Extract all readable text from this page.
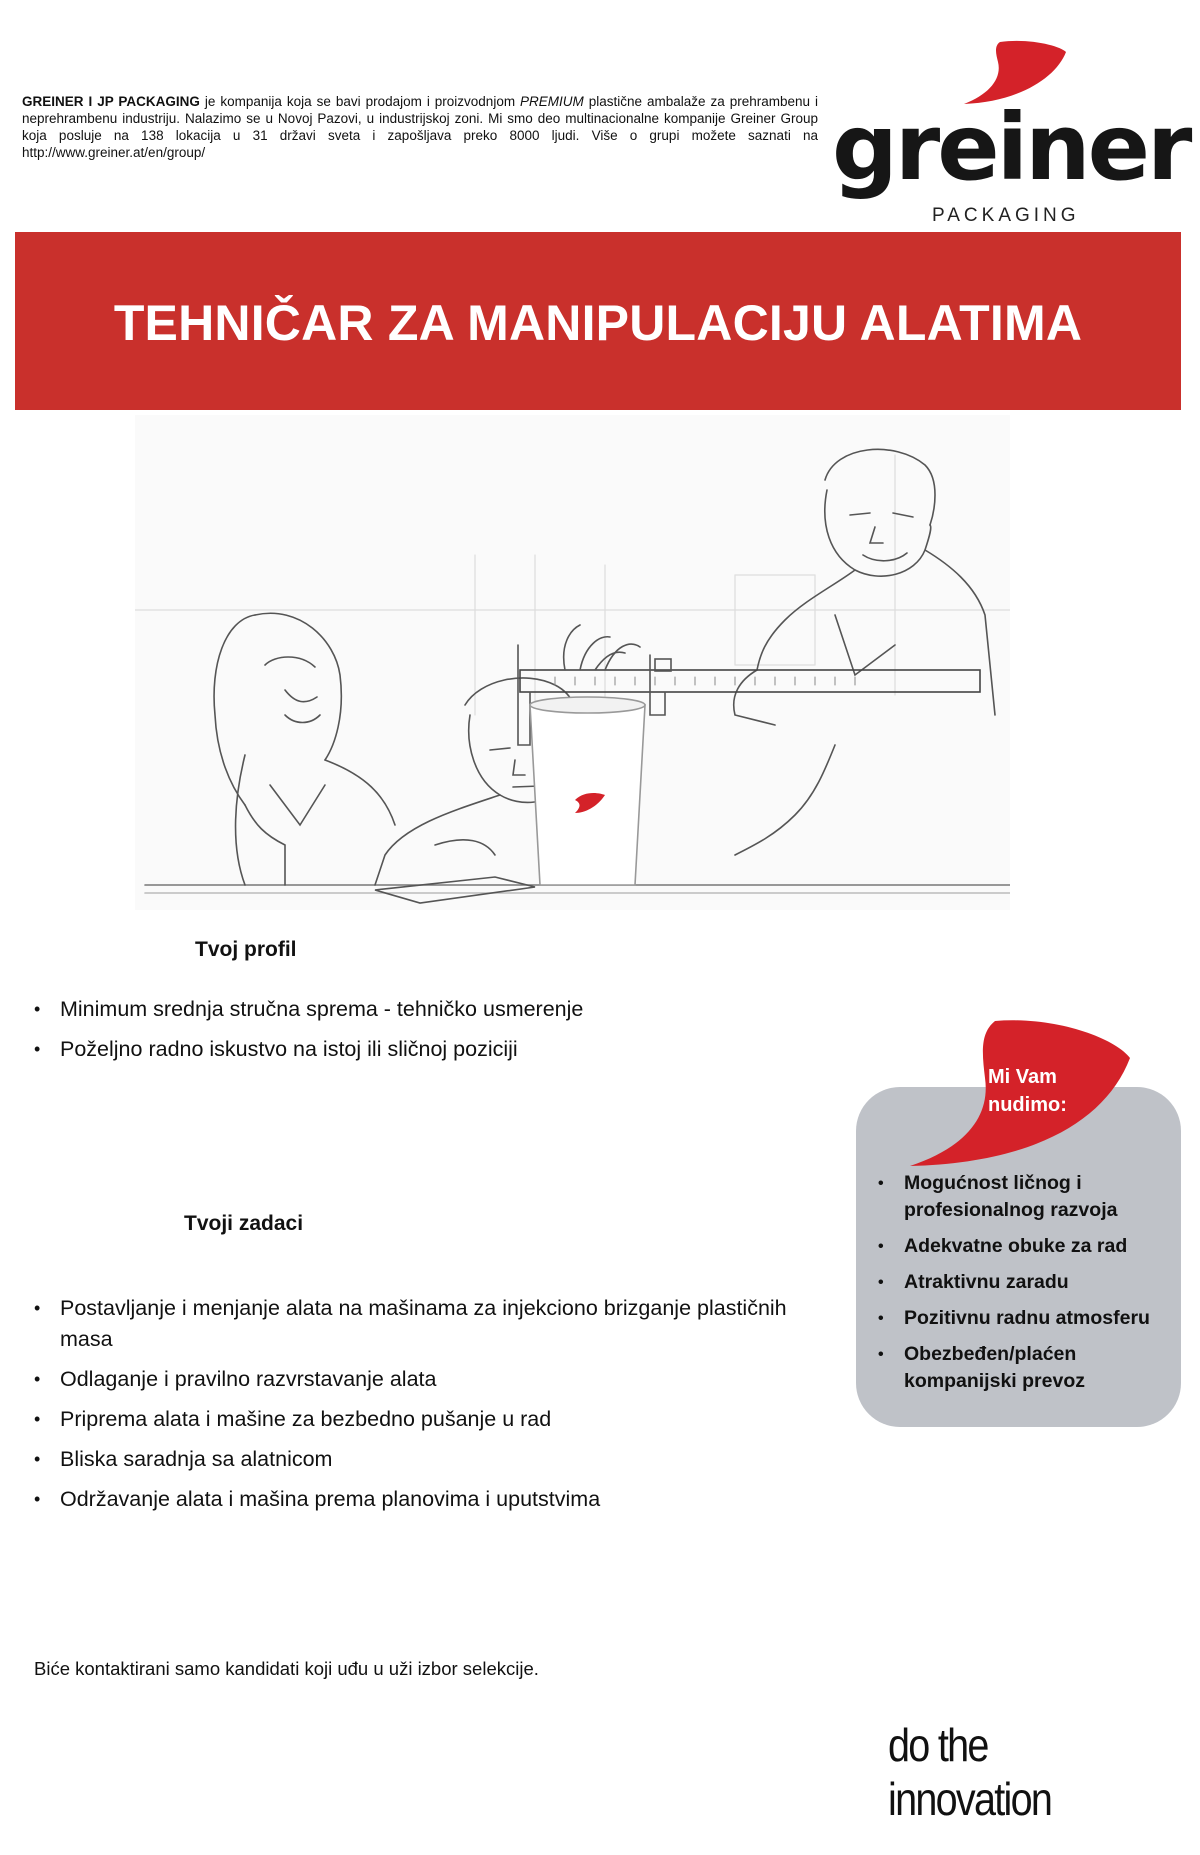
GREINER I JP PACKAGING je kompanija koja se bavi prodajom i proizvodnjom PREMIUM plastične ambalaže za prehrambenu i neprehrambenu industriju. Nalazimo se u Novoj Pazovi, u industrijskoj zoni. Mi smo deo multinacionalne kompanije Greiner Group koja posluje na 138 lokacija u 31 državi sveta i zapošljava preko 8000 ljudi. Više o grupi možete saznati na http://www.greiner.at/en/group/	greiner
PACKAGING
TEHNIČAR ZA MANIPULACIJU ALATIMA
Tvoj profil
• Minimum srednja stručna sprema - tehničko usmerenje
• Poželjno radno iskustvo na istoj ili sličnoj poziciji
Tvoji zadaci
• Postavljanje i menjanje alata na mašinama za injekciono brizganje plastičnih masa
• Odlaganje i pravilno razvrstavanje alata
• Priprema alata i mašine za bezbedno pušanje u rad
• Bliska saradnja sa alatnicom
• Održavanje alata i mašina prema planovima i uputstvima
Mi Vam nudimo:
• Mogućnost ličnog i profesionalnog razvoja
• Adekvatne obuke za rad
• Atraktivnu zaradu
• Pozitivnu radnu atmosferu
• Obezbeđen/plaćen kompanijski prevoz
Biće kontaktirani samo kandidati koji uđu u uži izbor selekcije.
do the innovation
